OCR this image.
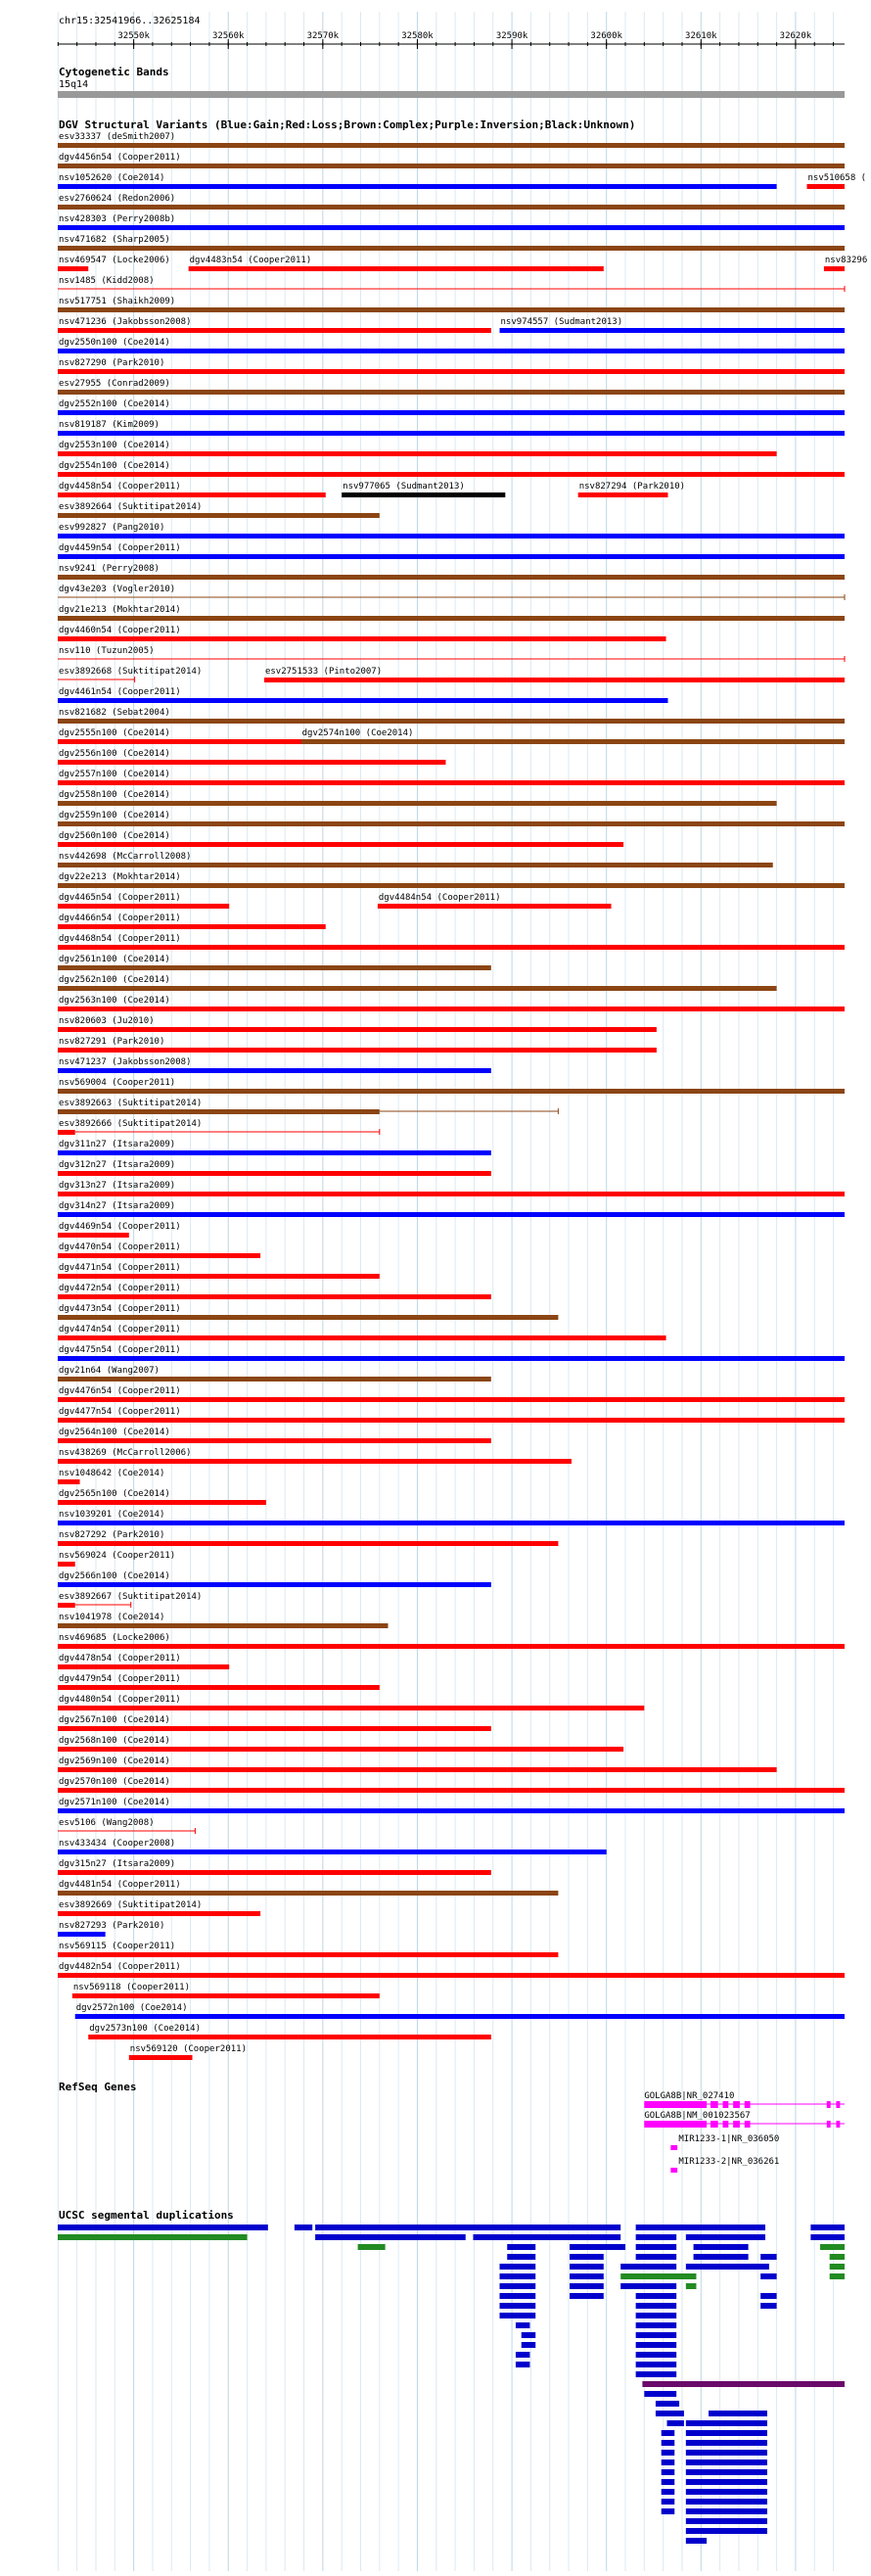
chr15:32541966..32625184
32550k	32560k	32570k	32580k	32590k	32600k	32610k	32620k
Cytogenetic Bands
15q14
DGV Structural Variants (Blue:Gain;Red:Loss;Brown:Complex;Purple:Inversion;Black:Unknown)
esv33337 (deSmith2007)
dgv4456n54 (Cooper2011)
nsv1052620 (Coe2014)	nsv510658 (
esv2760624 (Redon2006)
nsv428303 (Perry2008b)
nsv471682 (Sharp2005)
nsv469547 (Locke2006) dgv4483n54 (Cooper2011)	nsv83296
nsv1485 (Kidd2008)
nsv517751 (Shaikh2009)
nsv471236 (Jakobsson2008)	nsv974557 (Sudmant2013)
dgv2550n100 (Coe2014)
nsv827290 (Park2010)
esv27955 (Conrad2009)
dgv2552n100 (Coe2014)
nsv819187 (Kim2009)
dgv2553n100 (Coe2014)
dgv2554n100 (Coe2014)
dgv4458n54 (Cooper2011)	nsv977065 (Sudmant2013)	nsv827294 (Park2010)
esv3892664 (Suktitipat2014)
esv992827 (Pang2010)
dgv4459n54 (Cooper2011)
nsv9241 (Perry2008)
dgv43e203 (Vogler2010)
dgv21e213 (Mokhtar2014)
dgv4460n54 (Cooper2011)
nsv110 (Tuzun2005)
esv3892668 (Suktitipat2014)	esv2751533 (Pinto2007)
dgv4461n54 (Cooper2011)
nsv821682 (Sebat2004)
dgv2555n100 (Coe2014)	dgv2574n100 (Coe2014)
dgv2556n100 (Coe2014)
dgv2557n100 (Coe2014)
dgv2558n100 (Coe2014)
dgv2559n100 (Coe2014)
dgv2560n100 (Coe2014)
nsv442698 (McCarroll2008)
dgv22e213 (Mokhtar2014)
dgv4465n54 (Cooper2011)	dgv4484n54 (Cooper2011)
dgv4466n54 (Cooper2011)
dgv4468n54 (Cooper2011)
dgv2561n100 (Coe2014)
dgv2562n100 (Coe2014)
dgv2563n100 (Coe2014)
nsv820603 (Ju2010)
nsv827291 (Park2010)
nsv471237 (Jakobsson2008)
nsv569004 (Cooper2011)
esv3892663 (Suktitipat2014)
esv3892666 (Suktitipat2014)
dgv311n27 (Itsara2009)
dgv312n27 (Itsara2009)
dgv313n27 (Itsara2009)
dgv314n27 (Itsara2009)
dgv4469n54 (Cooper2011)
dgv4470n54 (Cooper2011)
dgv4471n54 (Cooper2011)
dgv4472n54 (Cooper2011)
dgv4473n54 (Cooper2011)
dgv4474n54 (Cooper2011)
dgv4475n54 (Cooper2011)
dgv21n64 (Wang2007)
dgv4476n54 (Cooper2011)
dgv4477n54 (Cooper2011)
dgv2564n100 (Coe2014)
nsv438269 (McCarroll2006)
nsv1048642 (Coe2014)
dgv2565n100 (Coe2014)
nsv1039201 (Coe2014)
nsv827292 (Park2010)
nsv569024 (Cooper2011)
dgv2566n100 (Coe2014)
esv3892667 (Suktitipat2014)
nsv1041978 (Coe2014)
nsv469685 (Locke2006)
dgv4478n54 (Cooper2011)
dgv4479n54 (Cooper2011)
dgv4480n54 (Cooper2011)
dgv2567n100 (Coe2014)
dgv2568n100 (Coe2014)
dgv2569n100 (Coe2014)
dgv2570n100 (Coe2014)
dgv2571n100 (Coe2014)
esv5106 (Wang2008)
nsv433434 (Cooper2008)
dgv315n27 (Itsara2009)
dgv4481n54 (Cooper2011)
esv3892669 (Suktitipat2014)
nsv827293 (Park2010)
nsv569115 (Cooper2011)
dgv4482n54 (Cooper2011)
nsv569118 (Cooper2011)
dgv2572n100 (Coe2014)
dgv2573n100 (Coe2014)
nsv569120 (Cooper2011)
RefSeq Genes
GOLGA8B|NR_027410
GOLGA8B|NM_001023567
MIR1233-1|NR_036050
MIR1233-2|NR_036261
UCSC segmental duplications
